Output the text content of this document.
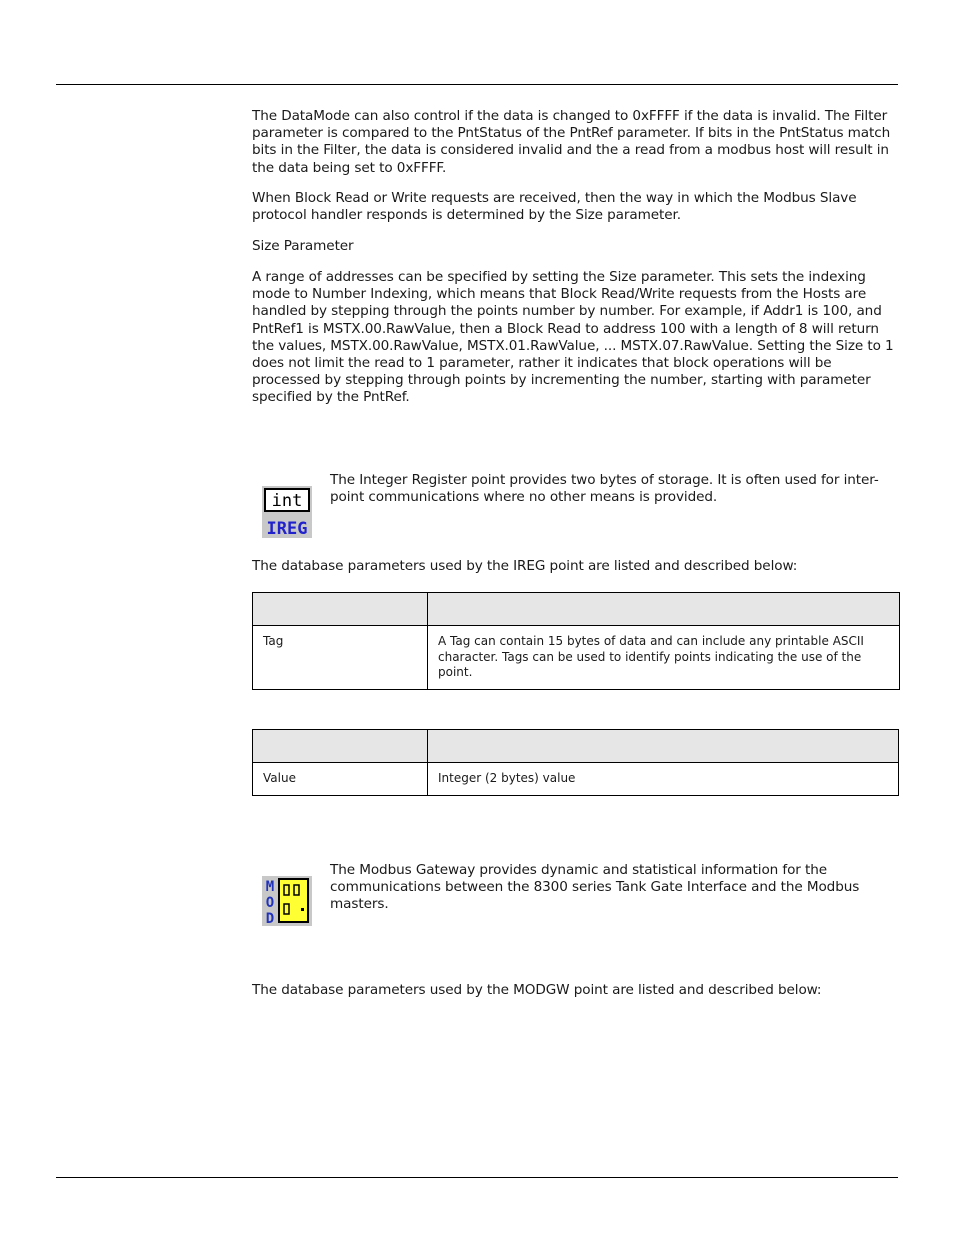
The DataMode can also control if the data is changed to 0xFFFF if the data is invalid. The Filter parameter is compared to the PntStatus of the PntRef parameter. If bits in the PntStatus match bits in the Filter, the data is considered invalid and the a read from a modbus host will result in the data being set to 0xFFFF.

When Block Read or Write requests are received, then the way in which the Modbus Slave protocol handler responds is determined by the Size parameter.

Size Parameter

A range of addresses can be specified by setting the Size parameter. This sets the indexing mode to Number Indexing, which means that Block Read/Write requests from the Hosts are handled by stepping through the points number by number. For example, if Addr1 is 100, and PntRef1 is MSTX.00.RawValue, then a Block Read to address 100 with a length of 8 will return the values, MSTX.00.RawValue, MSTX.01.RawValue, ... MSTX.07.RawValue. Setting the Size to 1 does not limit the read to 1 parameter, rather it indicates that block operations will be processed by stepping through points by incrementing the number, starting with parameter specified by the PntRef.

int
IREG

The Integer Register point provides two bytes of storage. It is often used for inter-point communications where no other means is provided.

The database parameters used by the IREG point are listed and described below:

Tag	A Tag can contain 15 bytes of data and can include any printable ASCII character. Tags can be used to identify points indicating the use of the point.

Value	Integer (2 bytes) value
M
O
D

The Modbus Gateway provides dynamic and statistical information for the communications between the 8300 series Tank Gate Interface and the Modbus masters.

The database parameters used by the MODGW point are listed and described below:
